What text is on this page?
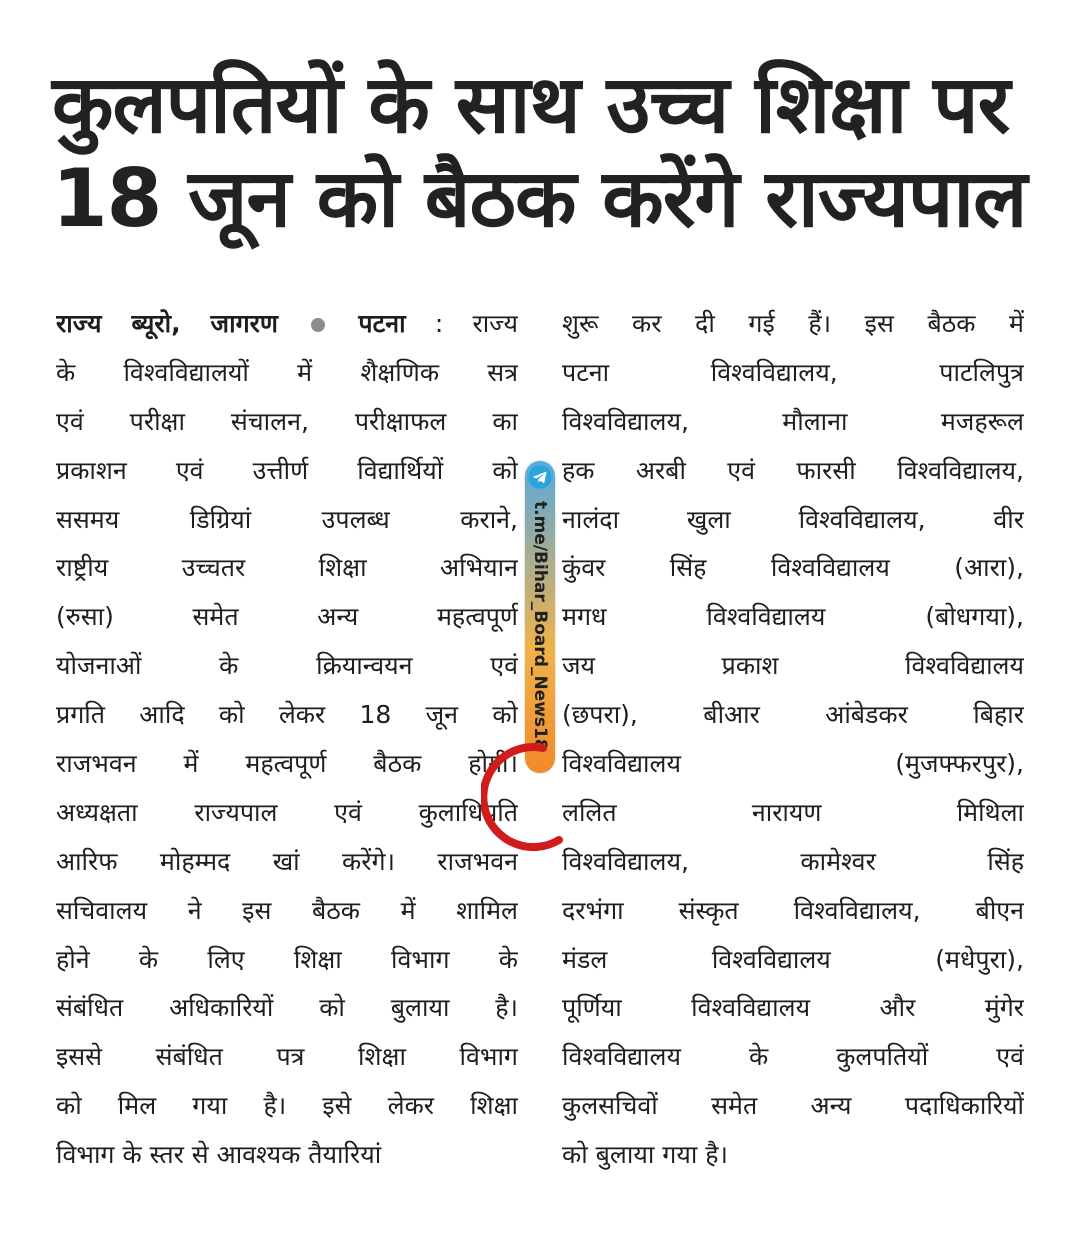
कुलपतियों के साथ उच्च शिक्षा पर
18 जून को बैठक करेंगे राज्यपाल
राज्य ब्यूरो, जागरण	पटना : राज्य
के विश्वविद्यालयों में शैक्षणिक सत्र
एवं परीक्षा संचालन, परीक्षाफल का
प्रकाशन एवं उत्तीर्ण विद्यार्थियों को
ससमय डिग्रियां उपलब्ध कराने,
राष्ट्रीय उच्चतर शिक्षा अभियान
(रुसा) समेत अन्य महत्वपूर्ण
योजनाओं के क्रियान्वयन एवं
प्रगति आदि को लेकर 18 जून को
राजभवन में महत्वपूर्ण बैठक होगी।
अध्यक्षता राज्यपाल एवं कुलाधिपति
आरिफ मोहम्मद खां करेंगे। राजभवन
सचिवालय ने इस बैठक में शामिल
होने के लिए शिक्षा विभाग के
संबंधित अधिकारियों को बुलाया है।
इससे संबंधित पत्र शिक्षा विभाग
को मिल गया है। इसे लेकर शिक्षा
विभाग के स्तर से आवश्यक तैयारियां
शुरू कर दी गई हैं। इस बैठक में
पटना विश्वविद्यालय, पाटलिपुत्र
विश्वविद्यालय, मौलाना मजहरूल
हक अरबी एवं फारसी विश्वविद्यालय,
नालंदा खुला विश्वविद्यालय, वीर
कुंवर सिंह विश्वविद्यालय (आरा),
मगध विश्वविद्यालय (बोधगया),
जय प्रकाश विश्वविद्यालय
(छपरा), बीआर आंबेडकर बिहार
विश्वविद्यालय (मुजफ्फरपुर),
ललित नारायण मिथिला
विश्वविद्यालय, कामेश्वर सिंह
दरभंगा संस्कृत विश्वविद्यालय, बीएन
मंडल विश्वविद्यालय (मधेपुरा),
पूर्णिया विश्वविद्यालय और मुंगेर
विश्वविद्यालय के कुलपतियों एवं
कुलसचिवों समेत अन्य पदाधिकारियों
को बुलाया गया है।
t.me/Bihar_Board_News18
